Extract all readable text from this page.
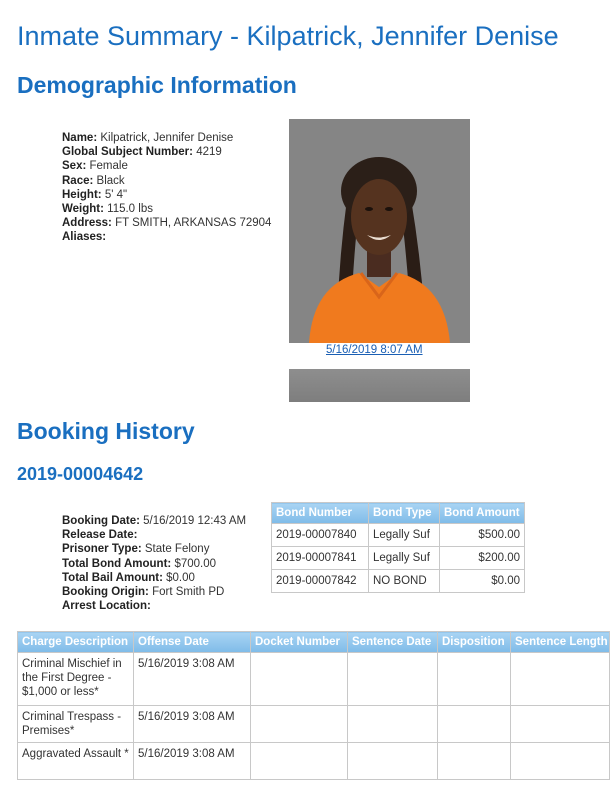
Inmate Summary - Kilpatrick, Jennifer Denise
Demographic Information
Name: Kilpatrick, Jennifer Denise
Global Subject Number: 4219
Sex: Female
Race: Black
Height: 5' 4"
Weight: 115.0 lbs
Address: FT SMITH, ARKANSAS 72904
Aliases:
5/16/2019 8:07 AM
Booking History
2019-00004642
Booking Date: 5/16/2019 12:43 AM
Release Date:
Prisoner Type: State Felony
Total Bond Amount: $700.00
Total Bail Amount: $0.00
Booking Origin: Fort Smith PD
Arrest Location:
Bond Number	Bond Type	Bond Amount
2019-00007840	Legally Suf	$500.00
2019-00007841	Legally Suf	$200.00
2019-00007842	NO BOND	$0.00
Charge Description	Offense Date	Docket Number	Sentence Date	Disposition	Sentence Length
Criminal Mischief in the First Degree - $1,000 or less*	5/16/2019 3:08 AM				
Criminal Trespass - Premises*	5/16/2019 3:08 AM				
Aggravated Assault *	5/16/2019 3:08 AM				
